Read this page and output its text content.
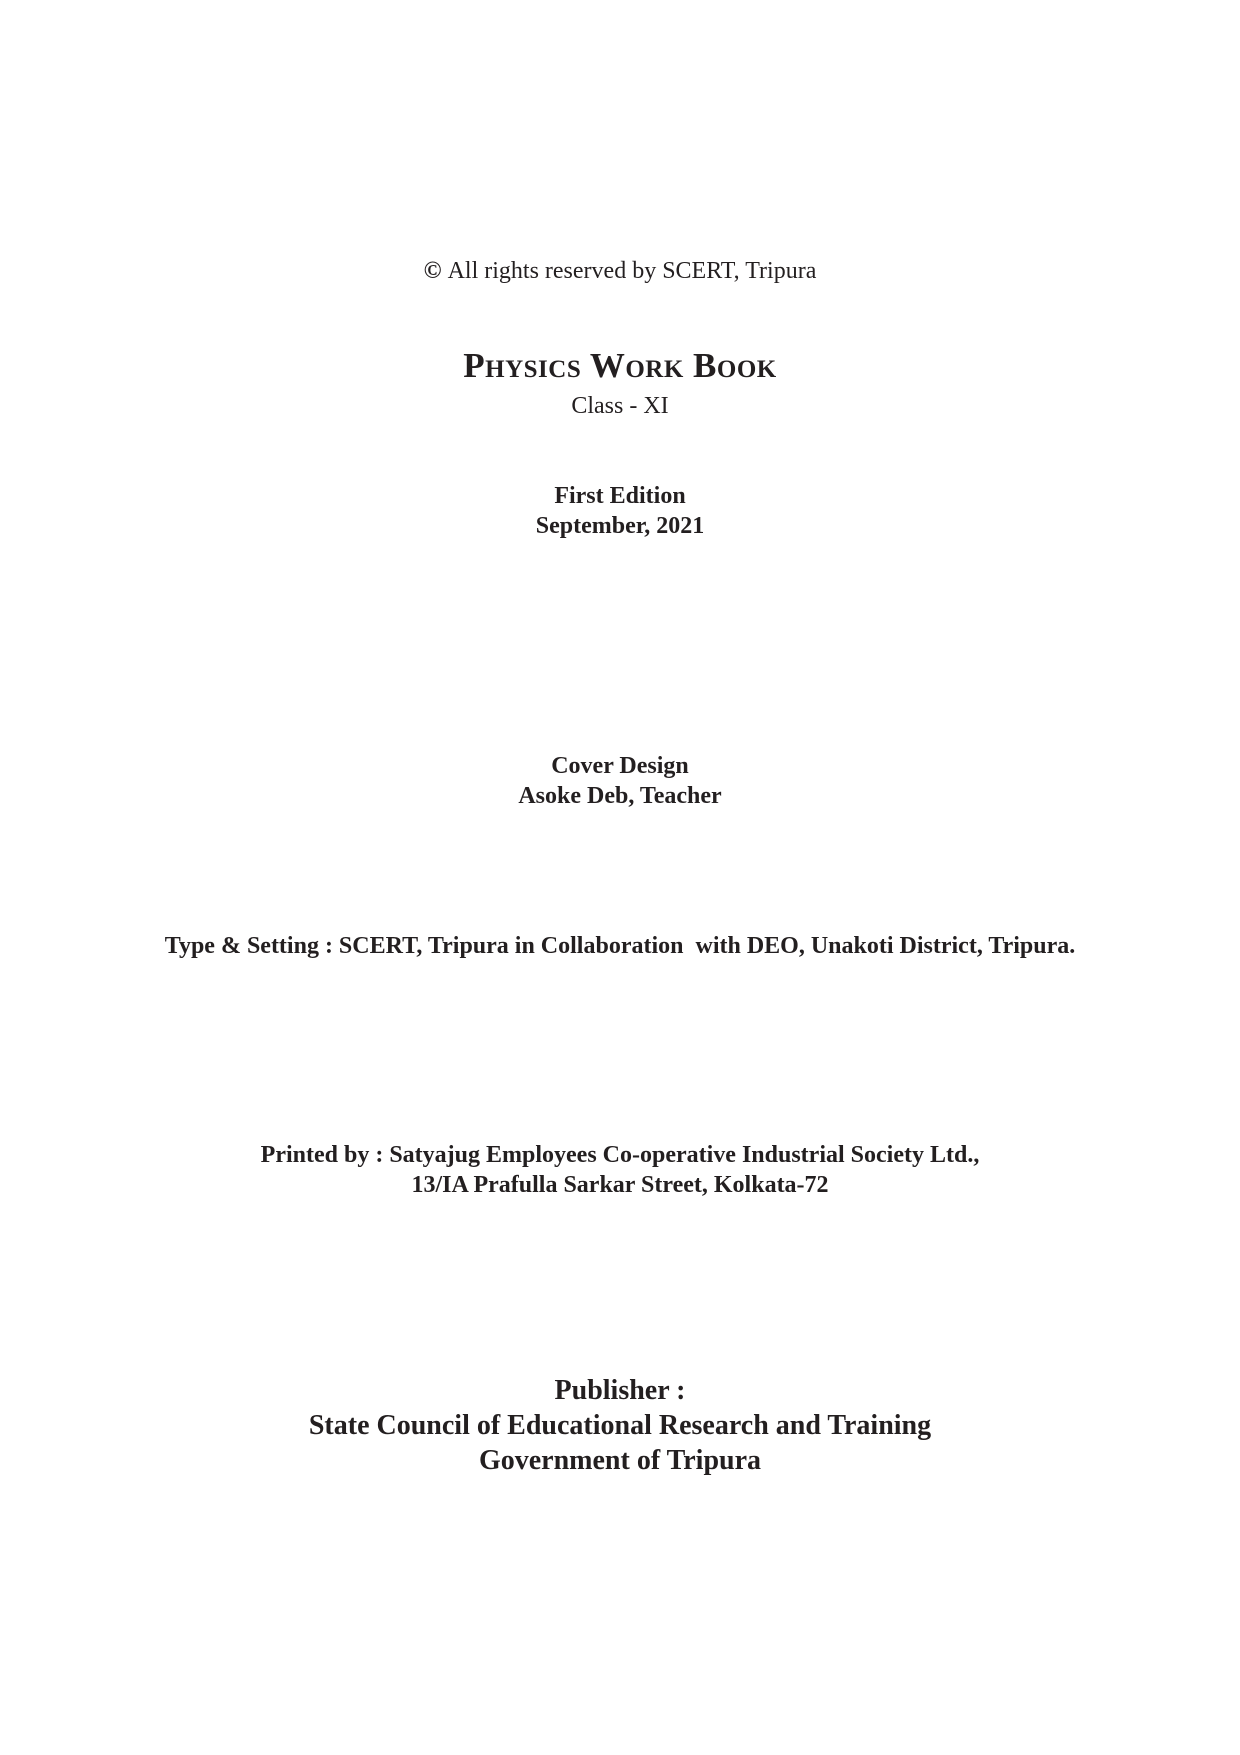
© All rights reserved by SCERT, Tripura
Physics Work Book
Class - XI
First Edition
September, 2021
Cover Design
Asoke Deb, Teacher
Type & Setting : SCERT, Tripura in Collaboration  with DEO, Unakoti District, Tripura.
Printed by : Satyajug Employees Co-operative Industrial Society Ltd.,
13/IA Prafulla Sarkar Street, Kolkata-72
Publisher :
State Council of Educational Research and Training
Government of Tripura
